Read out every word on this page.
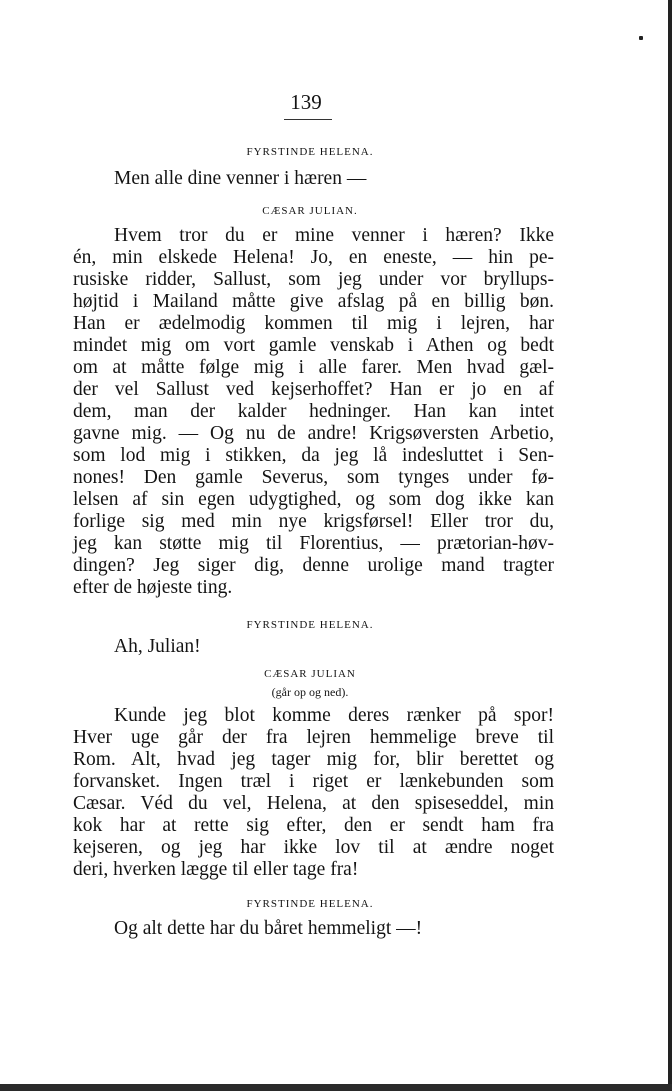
139
FYRSTINDE HELENA.

Men alle dine venner i hæren —

CÆSAR JULIAN.

Hvem tror du er mine venner i hæren? Ikke

én, min elskede Helena! Jo, en eneste, — hin pe-

rusiske ridder, Sallust, som jeg under vor bryllups-

højtid i Mailand måtte give afslag på en billig bøn.

Han er ædelmodig kommen til mig i lejren, har

mindet mig om vort gamle venskab i Athen og bedt

om at måtte følge mig i alle farer. Men hvad gæl-

der vel Sallust ved kejserhoffet? Han er jo en af

dem, man der kalder hedninger. Han kan intet

gavne mig. — Og nu de andre! Krigsøversten Arbetio,

som lod mig i stikken, da jeg lå indesluttet i Sen-

nones! Den gamle Severus, som tynges under fø-

lelsen af sin egen udygtighed, og som dog ikke kan

forlige sig med min nye krigsførsel! Eller tror du,

jeg kan støtte mig til Florentius, — prætorian-høv-

dingen? Jeg siger dig, denne urolige mand tragter

efter de højeste ting.

FYRSTINDE HELENA.

Ah, Julian!

CÆSAR JULIAN
(går op og ned).

Kunde jeg blot komme deres rænker på spor!

Hver uge går der fra lejren hemmelige breve til

Rom. Alt, hvad jeg tager mig for, blir berettet og

forvansket. Ingen træl i riget er lænkebunden som

Cæsar. Véd du vel, Helena, at den spiseseddel, min

kok har at rette sig efter, den er sendt ham fra

kejseren, og jeg har ikke lov til at ændre noget

deri, hverken lægge til eller tage fra!

FYRSTINDE HELENA.

Og alt dette har du båret hemmeligt —!
